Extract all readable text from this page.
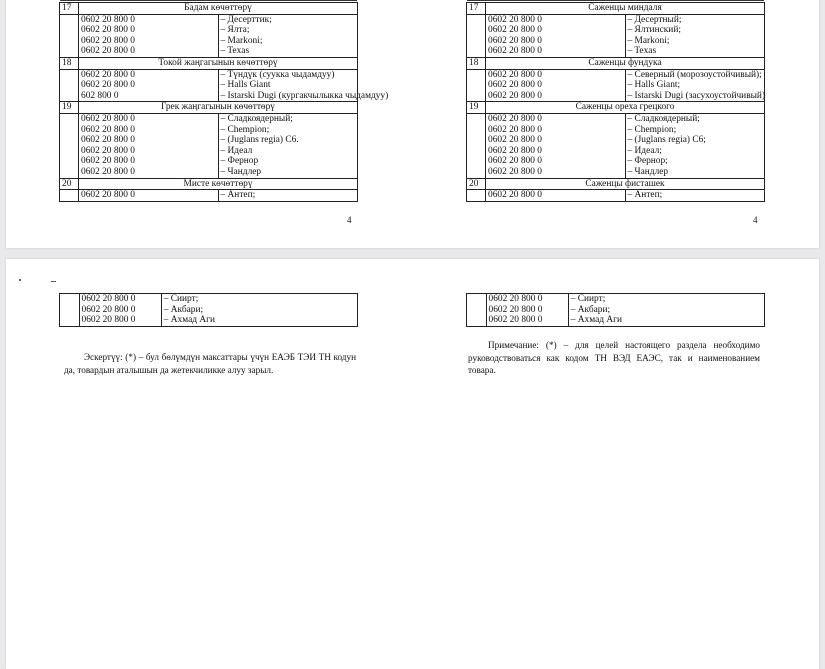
17	Бадам көчөттөрү	
	0602 20 800 0	– Десерттик;
	0602 20 800 0	– Ялта;
	0602 20 800 0	– Markoni;
	0602 20 800 0	– Texas
18	Токой жаңгагынын көчөттөрү	
	0602 20 800 0	– Түндүк (суукка чыдамдуу)
	0602 20 800 0	– Halls Giant
	602 800 0	– Istarski Dugi (кургакчылыкка чыдамдуу)
19	Грек жаңгагынын көчөттөрү	
	0602 20 800 0	– Сладкоядерный;
	0602 20 800 0	– Chempion;
	0602 20 800 0	– (Juglans regia) C6.
	0602 20 800 0	– Идеал
	0602 20 800 0	– Фернор
	0602 20 800 0	– Чандлер
20	Мисте көчөттөрү	
	0602 20 800 0	– Антеп;
17	Саженцы миндаля	
	0602 20 800 0	– Десертный;
	0602 20 800 0	– Ялтинский;
	0602 20 800 0	– Markoni;
	0602 20 800 0	– Texas
18	Саженцы фундука	
	0602 20 800 0	– Северный (морозоустойчивый);
	0602 20 800 0	– Halls Giant;
	0602 20 800 0	– Istarski Dugi (засухоустойчивый)
19	Саженцы ореха грецкого	
	0602 20 800 0	– Сладкоядерный;
	0602 20 800 0	– Chempion;
	0602 20 800 0	– (Juglans regia) C6;
	0602 20 800 0	– Идеал;
	0602 20 800 0	– Фернор;
	0602 20 800 0	– Чандлер
20	Саженцы фисташек	
	0602 20 800 0	– Антеп;
4	4
	0602 20 800 0	– Сиирт;
	0602 20 800 0	– Акбари;
	0602 20 800 0	– Ахмад Аги
	0602 20 800 0	– Сиирт;
	0602 20 800 0	– Акбари;
	0602 20 800 0	– Ахмад Аги
Эскертүү: (*) – бул бөлүмдүн максаттары үчүн ЕАЭБ ТЭИ ТН кодун да, товардын аталышын да жетекчиликке алуу зарыл.
Примечание: (*) – для целей настоящего раздела необходимо руководствоваться как кодом ТН ВЭД ЕАЭС, так и наименованием товара.
